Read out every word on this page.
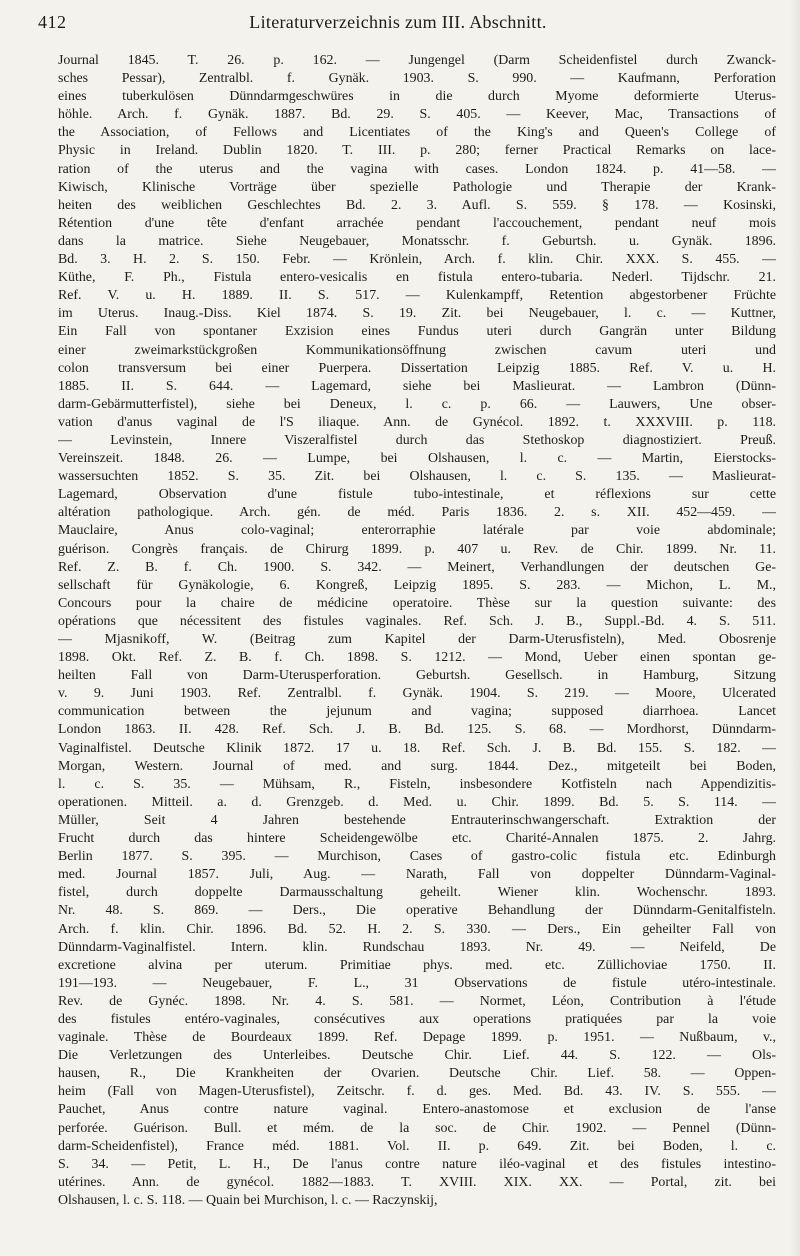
412	Literaturverzeichnis zum III. Abschnitt.
Journal 1845. T. 26. p. 162. — Jungengel (Darm Scheidenfistel durch Zwanck-
sches Pessar), Zentralbl. f. Gynäk. 1903. S. 990. — Kaufmann, Perforation
eines tuberkulösen Dünndarmgeschwüres in die durch Myome deformierte Uterus-
höhle. Arch. f. Gynäk. 1887. Bd. 29. S. 405. — Keever, Mac, Transactions of
the Association, of Fellows and Licentiates of the King's and Queen's College of
Physic in Ireland. Dublin 1820. T. III. p. 280; ferner Practical Remarks on lace-
ration of the uterus and the vagina with cases. London 1824. p. 41—58. —
Kiwisch, Klinische Vorträge über spezielle Pathologie und Therapie der Krank-
heiten des weiblichen Geschlechtes Bd. 2. 3. Aufl. S. 559. § 178. — Kosinski,
Rétention d'une tête d'enfant arrachée pendant l'accouchement, pendant neuf mois
dans la matrice. Siehe Neugebauer, Monatsschr. f. Geburtsh. u. Gynäk. 1896.
Bd. 3. H. 2. S. 150. Febr. — Krönlein, Arch. f. klin. Chir. XXX. S. 455. —
Küthe, F. Ph., Fistula entero-vesicalis en fistula entero-tubaria. Nederl. Tijdschr. 21.
Ref. V. u. H. 1889. II. S. 517. — Kulenkampff, Retention abgestorbener Früchte
im Uterus. Inaug.-Diss. Kiel 1874. S. 19. Zit. bei Neugebauer, l. c. — Kuttner,
Ein Fall von spontaner Exzision eines Fundus uteri durch Gangrän unter Bildung
einer zweimarkstückgroßen Kommunikationsöffnung zwischen cavum uteri und
colon transversum bei einer Puerpera. Dissertation Leipzig 1885. Ref. V. u. H.
1885. II. S. 644. — Lagemard, siehe bei Maslieurat. — Lambron (Dünn-
darm-Gebärmutterfistel), siehe bei Deneux, l. c. p. 66. — Lauwers, Une obser-
vation d'anus vaginal de l'S iliaque. Ann. de Gynécol. 1892. t. XXXVIII. p. 118.
— Levinstein, Innere Viszeralfistel durch das Stethoskop diagnostiziert. Preuß.
Vereinszeit. 1848. 26. — Lumpe, bei Olshausen, l. c. — Martin, Eierstocks-
wassersuchten 1852. S. 35. Zit. bei Olshausen, l. c. S. 135. — Maslieurat-
Lagemard, Observation d'une fistule tubo-intestinale, et réflexions sur cette
altération pathologique. Arch. gén. de méd. Paris 1836. 2. s. XII. 452—459. —
Mauclaire, Anus colo-vaginal; enterorraphie latérale par voie abdominale;
guérison. Congrès français. de Chirurg 1899. p. 407 u. Rev. de Chir. 1899. Nr. 11.
Ref. Z. B. f. Ch. 1900. S. 342. — Meinert, Verhandlungen der deutschen Ge-
sellschaft für Gynäkologie, 6. Kongreß, Leipzig 1895. S. 283. — Michon, L. M.,
Concours pour la chaire de médicine operatoire. Thèse sur la question suivante: des
opérations que nécessitent des fistules vaginales. Ref. Sch. J. B., Suppl.-Bd. 4. S. 511.
— Mjasnikoff, W. (Beitrag zum Kapitel der Darm-Uterusfisteln), Med. Obosrenje
1898. Okt. Ref. Z. B. f. Ch. 1898. S. 1212. — Mond, Ueber einen spontan ge-
heilten Fall von Darm-Uterusperforation. Geburtsh. Gesellsch. in Hamburg, Sitzung
v. 9. Juni 1903. Ref. Zentralbl. f. Gynäk. 1904. S. 219. — Moore, Ulcerated
communication between the jejunum and vagina; supposed diarrhoea. Lancet
London 1863. II. 428. Ref. Sch. J. B. Bd. 125. S. 68. — Mordhorst, Dünndarm-
Vaginalfistel. Deutsche Klinik 1872. 17 u. 18. Ref. Sch. J. B. Bd. 155. S. 182. —
Morgan, Western. Journal of med. and surg. 1844. Dez., mitgeteilt bei Boden,
l. c. S. 35. — Mühsam, R., Fisteln, insbesondere Kotfisteln nach Appendizitis-
operationen. Mitteil. a. d. Grenzgeb. d. Med. u. Chir. 1899. Bd. 5. S. 114. —
Müller, Seit 4 Jahren bestehende Entrauterinschwangerschaft. Extraktion der
Frucht durch das hintere Scheidengewölbe etc. Charité-Annalen 1875. 2. Jahrg.
Berlin 1877. S. 395. — Murchison, Cases of gastro-colic fistula etc. Edinburgh
med. Journal 1857. Juli, Aug. — Narath, Fall von doppelter Dünndarm-Vaginal-
fistel, durch doppelte Darmausschaltung geheilt. Wiener klin. Wochenschr. 1893.
Nr. 48. S. 869. — Ders., Die operative Behandlung der Dünndarm-Genitalfisteln.
Arch. f. klin. Chir. 1896. Bd. 52. H. 2. S. 330. — Ders., Ein geheilter Fall von
Dünndarm-Vaginalfistel. Intern. klin. Rundschau 1893. Nr. 49. — Neifeld, De
excretione alvina per uterum. Primitiae phys. med. etc. Züllichoviae 1750. II.
191—193. — Neugebauer, F. L., 31 Observations de fistule utéro-intestinale.
Rev. de Gynéc. 1898. Nr. 4. S. 581. — Normet, Léon, Contribution à l'étude
des fistules entéro-vaginales, consécutives aux operations pratiquées par la voie
vaginale. Thèse de Bourdeaux 1899. Ref. Depage 1899. p. 1951. — Nußbaum, v.,
Die Verletzungen des Unterleibes. Deutsche Chir. Lief. 44. S. 122. — Ols-
hausen, R., Die Krankheiten der Ovarien. Deutsche Chir. Lief. 58. — Oppen-
heim (Fall von Magen-Uterusfistel), Zeitschr. f. d. ges. Med. Bd. 43. IV. S. 555. —
Pauchet, Anus contre nature vaginal. Entero-anastomose et exclusion de l'anse
perforée. Guérison. Bull. et mém. de la soc. de Chir. 1902. — Pennel (Dünn-
darm-Scheidenfistel), France méd. 1881. Vol. II. p. 649. Zit. bei Boden, l. c.
S. 34. — Petit, L. H., De l'anus contre nature iléo-vaginal et des fistules intestino-
utérines. Ann. de gynécol. 1882—1883. T. XVIII. XIX. XX. — Portal, zit. bei
Olshausen, l. c. S. 118. — Quain bei Murchison, l. c. — Raczynskij,
